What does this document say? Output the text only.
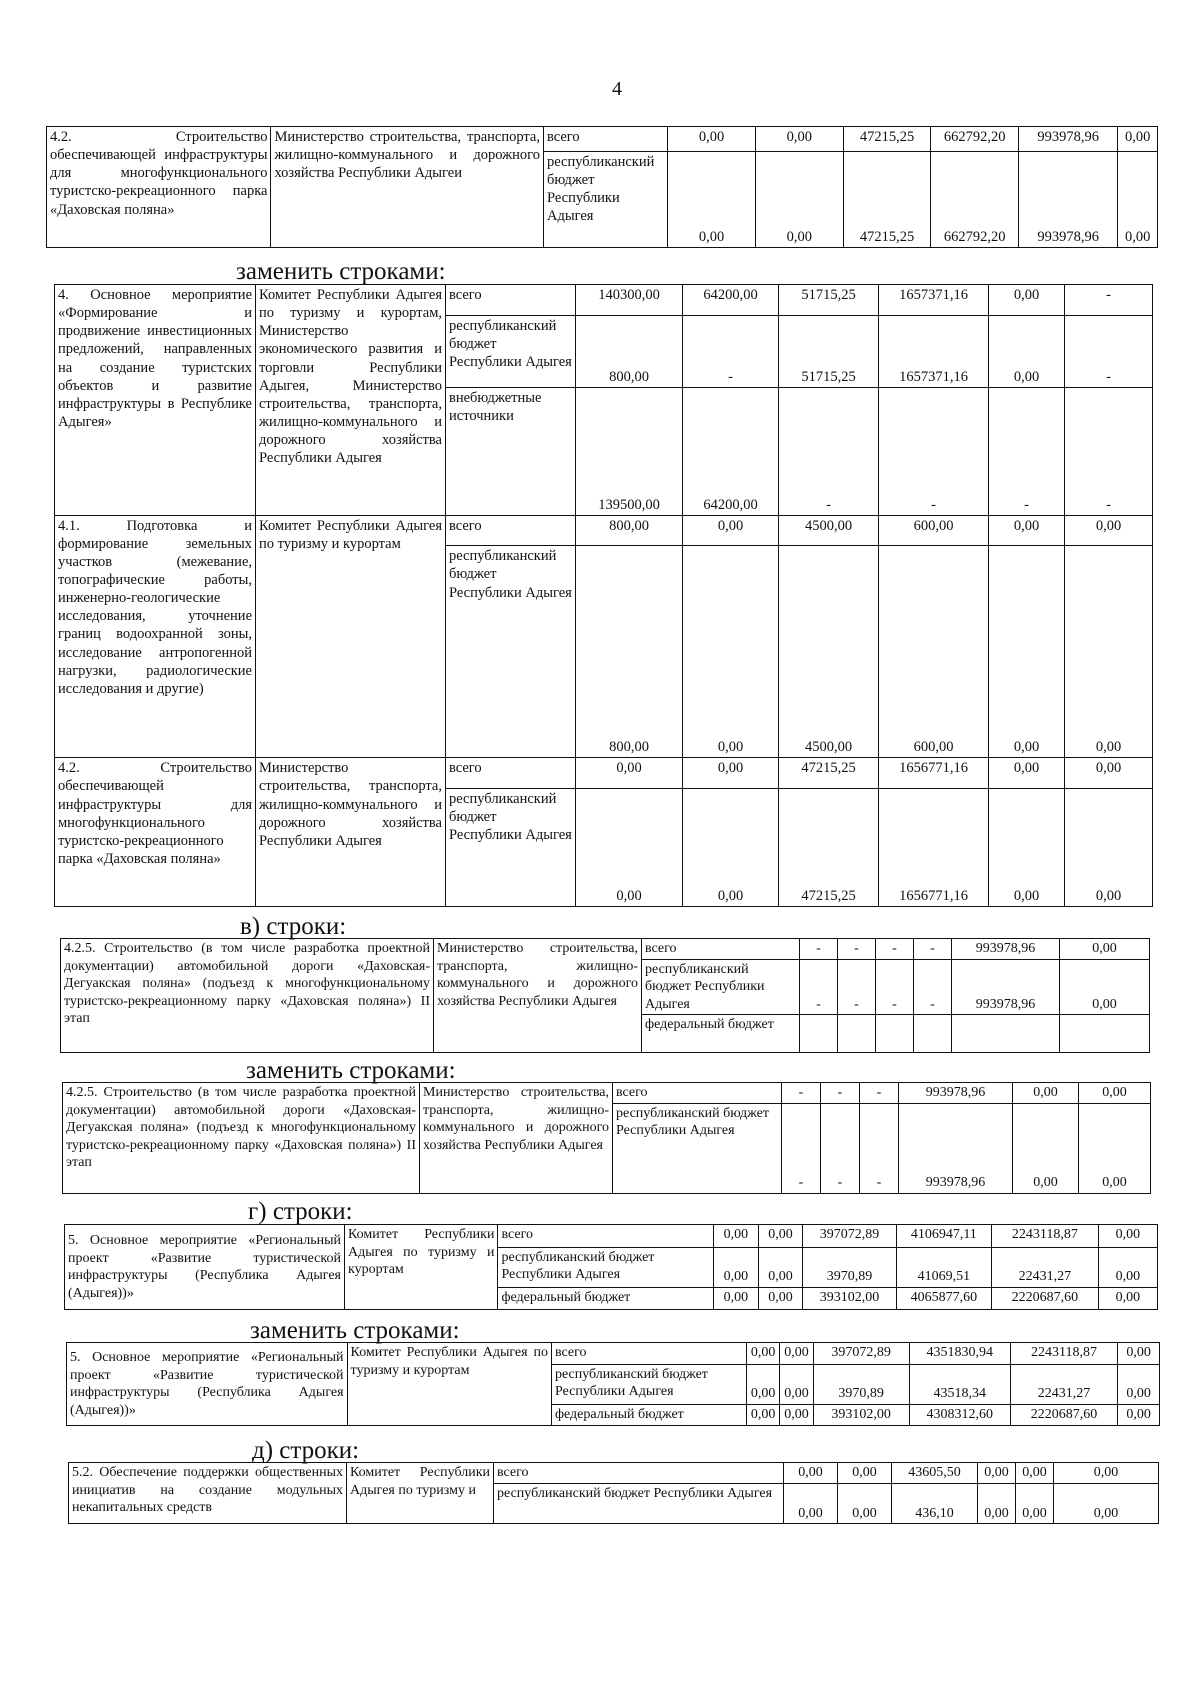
4
4.2. Строительство обеспечивающей инфраструктуры для многофункционального туристско-рекреационного парка «Даховская поляна»	Министерство строительства, транспорта, жилищно-коммунального и дорожного хозяйства Республики Адыгеи	всего	0,00	0,00	47215,25	662792,20	993978,96	0,00
		республиканский бюджет Республики Адыгея	0,00	0,00	47215,25	662792,20	993978,96	0,00
заменить строками:
4. Основное мероприятие «Формирование и продвижение инвестиционных предложений, направленных на создание туристских объектов и развитие инфраструктуры в Республике Адыгея»	Комитет Республики Адыгея по туризму и курортам, Министерство экономического развития и торговли Республики Адыгея, Министерство строительства, транспорта, жилищно-коммунального и дорожного хозяйства Республики Адыгея	всего	140300,00	64200,00	51715,25	1657371,16	0,00	-
		республиканский бюджет Республики Адыгея	800,00	-	51715,25	1657371,16	0,00	-
		внебюджетные источники	139500,00	64200,00	-	-	-	-
4.1. Подготовка и формирование земельных участков (межевание, топографические работы, инженерно-геологические исследования, уточнение границ водоохранной зоны, исследование антропогенной нагрузки, радиологические исследования и другие)	Комитет Республики Адыгея по туризму и курортам	всего	800,00	0,00	4500,00	600,00	0,00	0,00
		республиканский бюджет Республики Адыгея	800,00	0,00	4500,00	600,00	0,00	0,00
4.2. Строительство обеспечивающей инфраструктуры для многофункционального туристско-рекреационного парка «Даховская поляна»	Министерство строительства, транспорта, жилищно-коммунального и дорожного хозяйства Республики Адыгея	всего	0,00	0,00	47215,25	1656771,16	0,00	0,00
		республиканский бюджет Республики Адыгея	0,00	0,00	47215,25	1656771,16	0,00	0,00
в) строки:
4.2.5. Строительство (в том числе разработка проектной документации) автомобильной дороги «Даховская-Дегуакская поляна» (подъезд к многофункциональному туристско-рекреационному парку «Даховская поляна») II этап	Министерство строительства, транспорта, жилищно-коммунального и дорожного хозяйства Республики Адыгея	всего	-	-	-	-	993978,96	0,00
		республиканский бюджет Республики Адыгея	-	-	-	-	993978,96	0,00
		федеральный бюджет						
заменить строками:
4.2.5. Строительство (в том числе разработка проектной документации) автомобильной дороги «Даховская-Дегуакская поляна» (подъезд к многофункциональному туристско-рекреационному парку «Даховская поляна») II этап	Министерство строительства, транспорта, жилищно-коммунального и дорожного хозяйства Республики Адыгея	всего	-	-	-	993978,96	0,00	0,00
		республиканский бюджет Республики Адыгея	-	-	-	993978,96	0,00	0,00
г) строки:
5. Основное мероприятие «Региональный проект «Развитие туристической инфраструктуры (Республика Адыгея (Адыгея))»	Комитет Республики Адыгея по туризму и курортам	всего	0,00	0,00	397072,89	4106947,11	2243118,87	0,00
		республиканский бюджет Республики Адыгея	0,00	0,00	3970,89	41069,51	22431,27	0,00
		федеральный бюджет	0,00	0,00	393102,00	4065877,60	2220687,60	0,00
заменить строками:
5. Основное мероприятие «Региональный проект «Развитие туристической инфраструктуры (Республика Адыгея (Адыгея))»	Комитет Республики Адыгея по туризму и курортам	всего	0,00	0,00	397072,89	4351830,94	2243118,87	0,00
		республиканский бюджет Республики Адыгея	0,00	0,00	3970,89	43518,34	22431,27	0,00
		федеральный бюджет	0,00	0,00	393102,00	4308312,60	2220687,60	0,00
д) строки:
5.2. Обеспечение поддержки общественных инициатив на создание модульных некапитальных средств	Комитет Республики Адыгея по туризму и	всего	0,00	0,00	43605,50	0,00	0,00	0,00
		республиканский бюджет Республики Адыгея	0,00	0,00	436,10	0,00	0,00	0,00
